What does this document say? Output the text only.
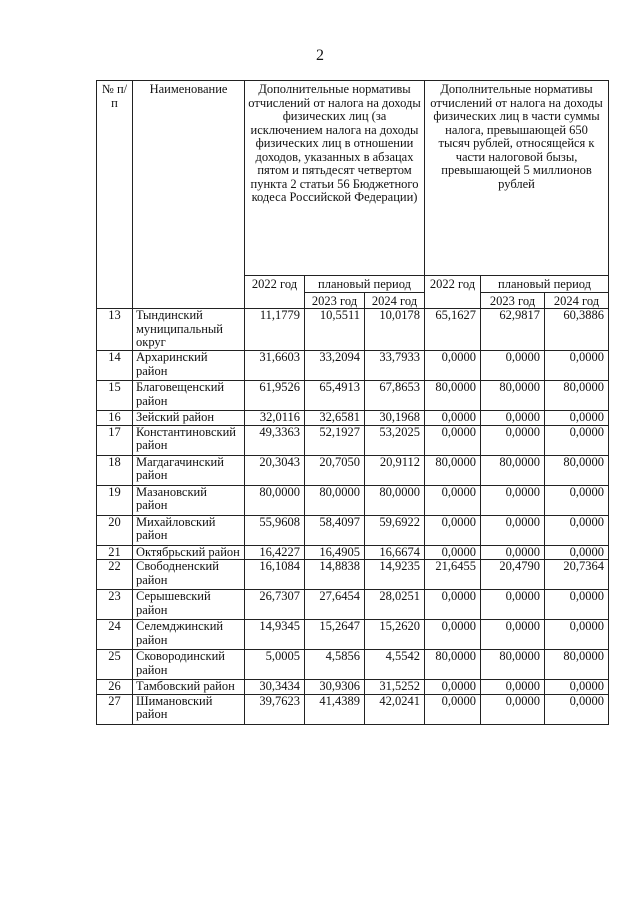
2
№ п/п	Наименование	Дополнительные нормативы отчислений от налога на доходы физических лиц (за исключением налога на доходы физических лиц в отношении доходов, указанных в абзацах пятом и пятьдесят четвертом пункта 2 статьи 56 Бюджетного кодеса Российской Федерации)			Дополнительные нормативы отчислений от налога на доходы физических лиц в части суммы налога, превышающей 650 тысяч рублей, относящейся к части налоговой бызы, превышающей 5 миллионов рублей		
		2022 год	плановый период		2022 год	плановый период	
			2023 год	2024 год		2023 год	2024 год
13	Тындинский муниципальный округ	11,1779	10,5511	10,0178	65,1627	62,9817	60,3886
14	Архаринский район	31,6603	33,2094	33,7933	0,0000	0,0000	0,0000
15	Благовещенский район	61,9526	65,4913	67,8653	80,0000	80,0000	80,0000
16	Зейский район	32,0116	32,6581	30,1968	0,0000	0,0000	0,0000
17	Константиновский район	49,3363	52,1927	53,2025	0,0000	0,0000	0,0000
18	Магдагачинский район	20,3043	20,7050	20,9112	80,0000	80,0000	80,0000
19	Мазановский район	80,0000	80,0000	80,0000	0,0000	0,0000	0,0000
20	Михайловский район	55,9608	58,4097	59,6922	0,0000	0,0000	0,0000
21	Октябрьский район	16,4227	16,4905	16,6674	0,0000	0,0000	0,0000
22	Свободненский район	16,1084	14,8838	14,9235	21,6455	20,4790	20,7364
23	Серышевский район	26,7307	27,6454	28,0251	0,0000	0,0000	0,0000
24	Селемджинский район	14,9345	15,2647	15,2620	0,0000	0,0000	0,0000
25	Сковородинский район	5,0005	4,5856	4,5542	80,0000	80,0000	80,0000
26	Тамбовский район	30,3434	30,9306	31,5252	0,0000	0,0000	0,0000
27	Шимановский район	39,7623	41,4389	42,0241	0,0000	0,0000	0,0000
